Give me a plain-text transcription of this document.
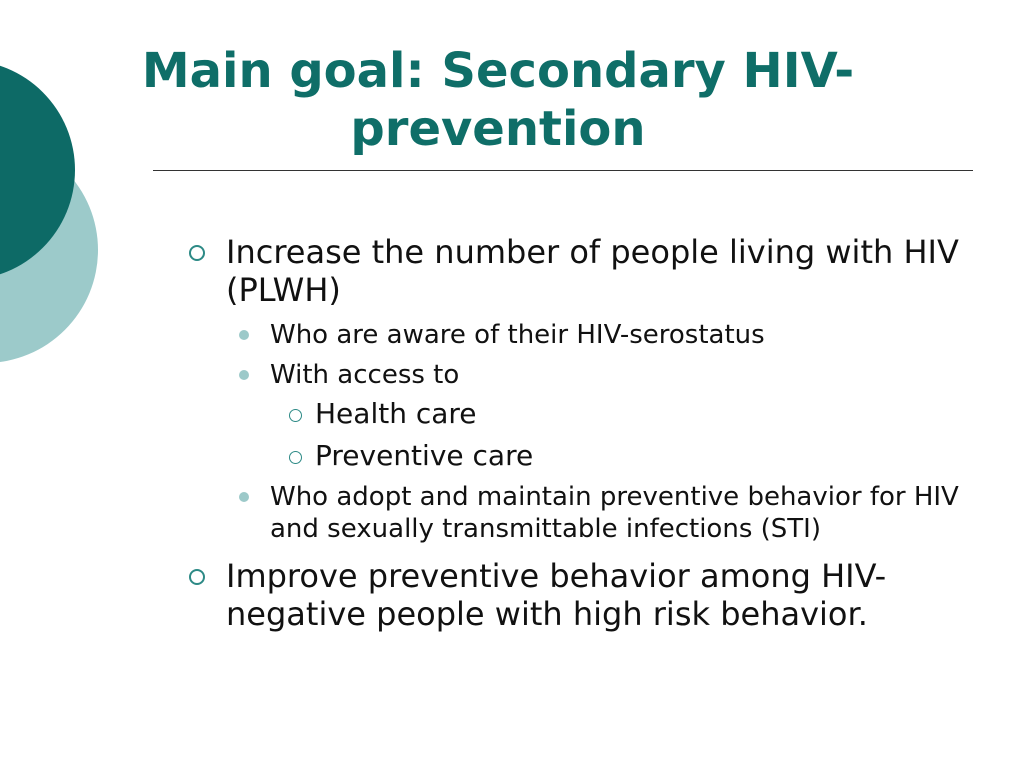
Main goal: Secondary HIV-prevention
Increase the number of people living with HIV (PLWH)
Who are aware of their HIV-serostatus
With access to
Health care
Preventive care
Who adopt and maintain preventive behavior for HIV and sexually transmittable infections (STI)
Improve preventive behavior among HIV-negative people with high risk behavior.
